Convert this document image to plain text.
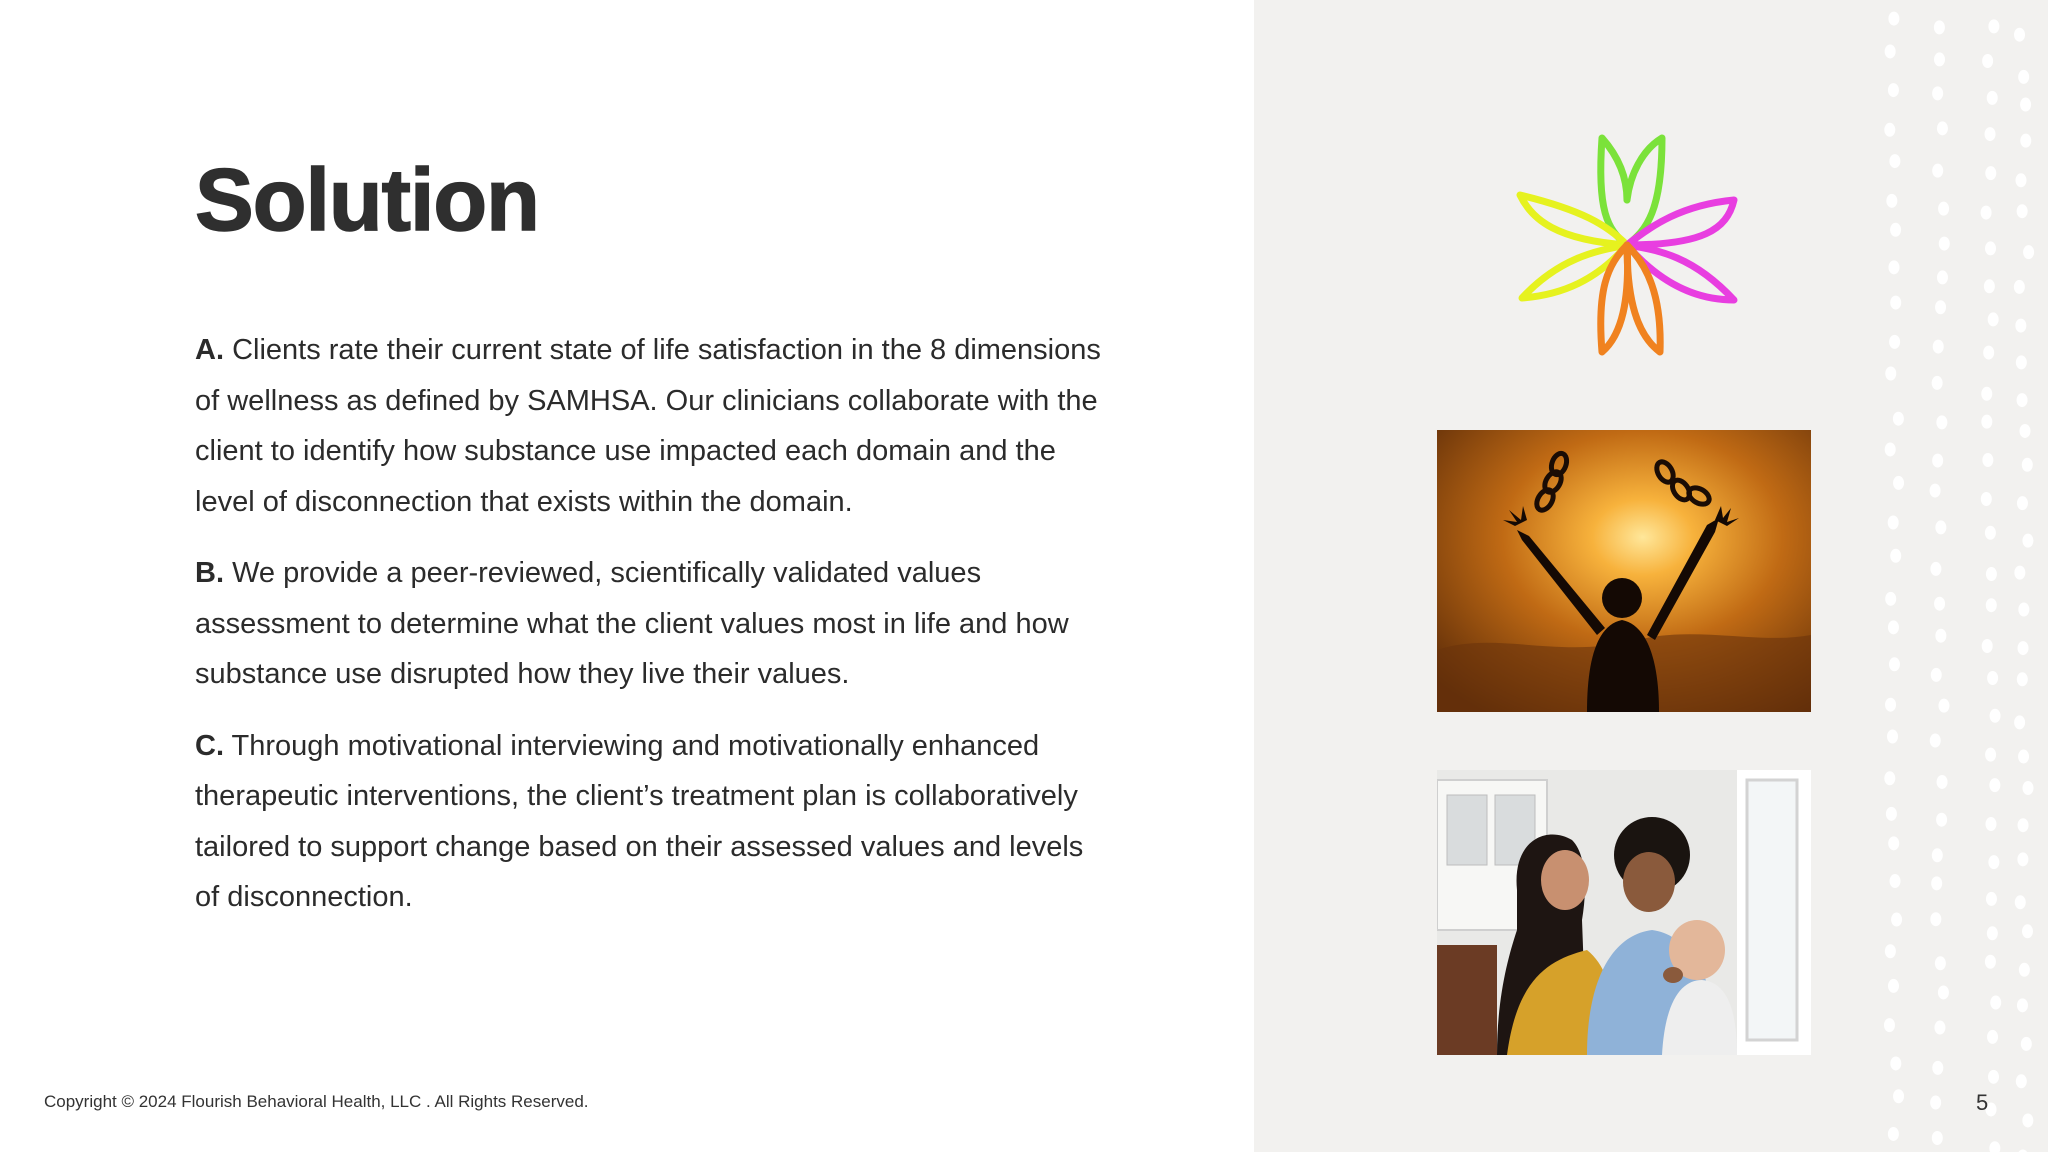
Solution

A. Clients rate their current state of life satisfaction in the 8 dimensions of wellness as defined by SAMHSA. Our clinicians collaborate with the client to identify how substance use impacted each domain and the level of disconnection that exists within the domain.

B. We provide a peer-reviewed, scientifically validated values assessment to determine what the client values most in life and how substance use disrupted how they live their values.

C. Through motivational interviewing and motivationally enhanced therapeutic interventions, the client’s treatment plan is collaboratively tailored to support change based on their assessed values and levels of disconnection.

Copyright © 2024 Flourish Behavioral Health, LLC . All Rights Reserved.	5
